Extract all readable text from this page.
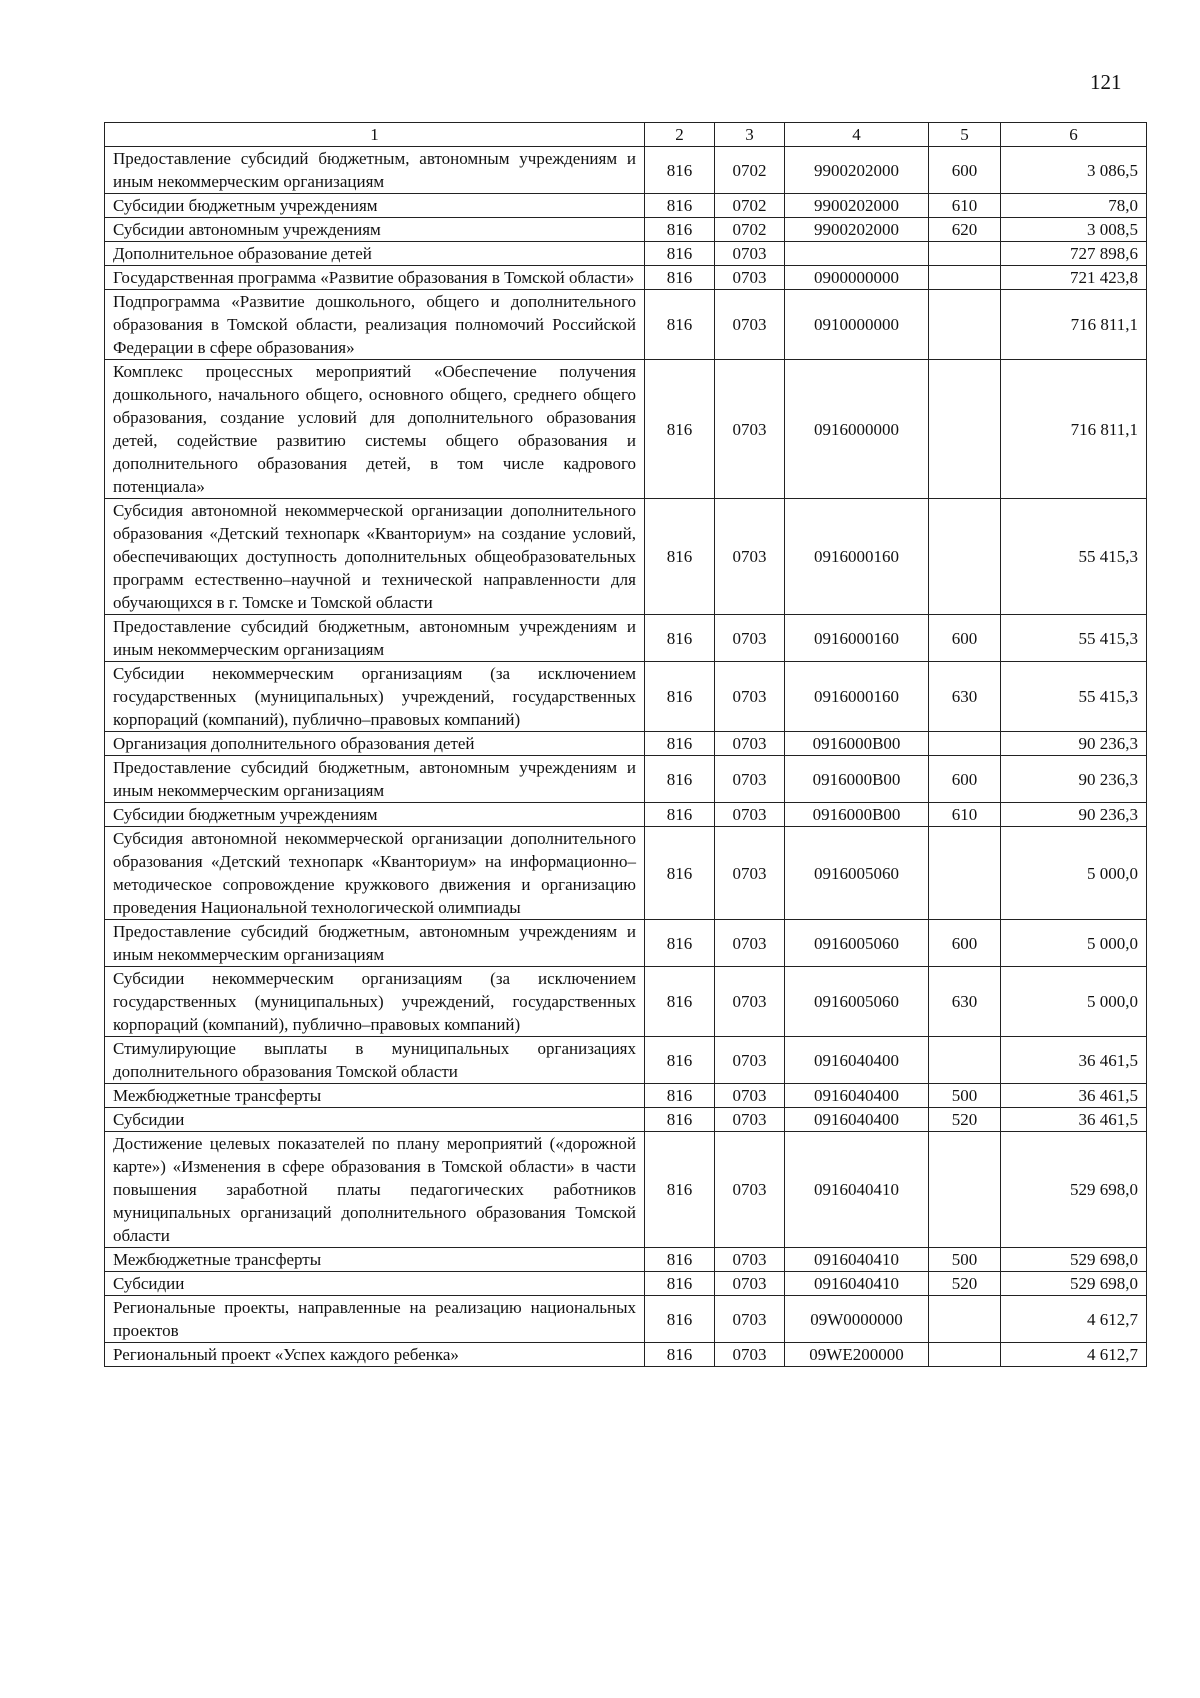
121
1	2	3	4	5	6
Предоставление субсидий бюджетным, автономным учреждениям и иным некоммерческим организациям	816	0702	9900202000	600	3 086,5
Субсидии бюджетным учреждениям	816	0702	9900202000	610	78,0
Субсидии автономным учреждениям	816	0702	9900202000	620	3 008,5
Дополнительное образование детей	816	0703			727 898,6
Государственная программа «Развитие образования в Томской области»	816	0703	0900000000		721 423,8
Подпрограмма «Развитие дошкольного, общего и дополнительного образования в Томской области, реализация полномочий Российской Федерации в сфере образования»	816	0703	0910000000		716 811,1
Комплекс процессных мероприятий «Обеспечение получения дошкольного, начального общего, основного общего, среднего общего образования, создание условий для дополнительного образования детей, содействие развитию системы общего образования и дополнительного образования детей, в том числе кадрового потенциала»	816	0703	0916000000		716 811,1
Субсидия автономной некоммерческой организации дополнительного образования «Детский технопарк «Кванториум» на создание условий, обеспечивающих доступность дополнительных общеобразовательных программ естественно–научной и технической направленности для обучающихся в г. Томске и Томской области	816	0703	0916000160		55 415,3
Предоставление субсидий бюджетным, автономным учреждениям и иным некоммерческим организациям	816	0703	0916000160	600	55 415,3
Субсидии некоммерческим организациям (за исключением государственных (муниципальных) учреждений, государственных корпораций (компаний), публично–правовых компаний)	816	0703	0916000160	630	55 415,3
Организация дополнительного образования детей	816	0703	0916000В00		90 236,3
Предоставление субсидий бюджетным, автономным учреждениям и иным некоммерческим организациям	816	0703	0916000В00	600	90 236,3
Субсидии бюджетным учреждениям	816	0703	0916000В00	610	90 236,3
Субсидия автономной некоммерческой организации дополнительного образования «Детский технопарк «Кванториум» на информационно–методическое сопровождение кружкового движения и организацию проведения Национальной технологической олимпиады	816	0703	0916005060		5 000,0
Предоставление субсидий бюджетным, автономным учреждениям и иным некоммерческим организациям	816	0703	0916005060	600	5 000,0
Субсидии некоммерческим организациям (за исключением государственных (муниципальных) учреждений, государственных корпораций (компаний), публично–правовых компаний)	816	0703	0916005060	630	5 000,0
Стимулирующие выплаты в муниципальных организациях дополнительного образования Томской области	816	0703	0916040400		36 461,5
Межбюджетные трансферты	816	0703	0916040400	500	36 461,5
Субсидии	816	0703	0916040400	520	36 461,5
Достижение целевых показателей по плану мероприятий («дорожной карте») «Изменения в сфере образования в Томской области» в части повышения заработной платы педагогических работников муниципальных организаций дополнительного образования Томской области	816	0703	0916040410		529 698,0
Межбюджетные трансферты	816	0703	0916040410	500	529 698,0
Субсидии	816	0703	0916040410	520	529 698,0
Региональные проекты, направленные на реализацию национальных проектов	816	0703	09W0000000		4 612,7
Региональный проект «Успех каждого ребенка»	816	0703	09WE200000		4 612,7
